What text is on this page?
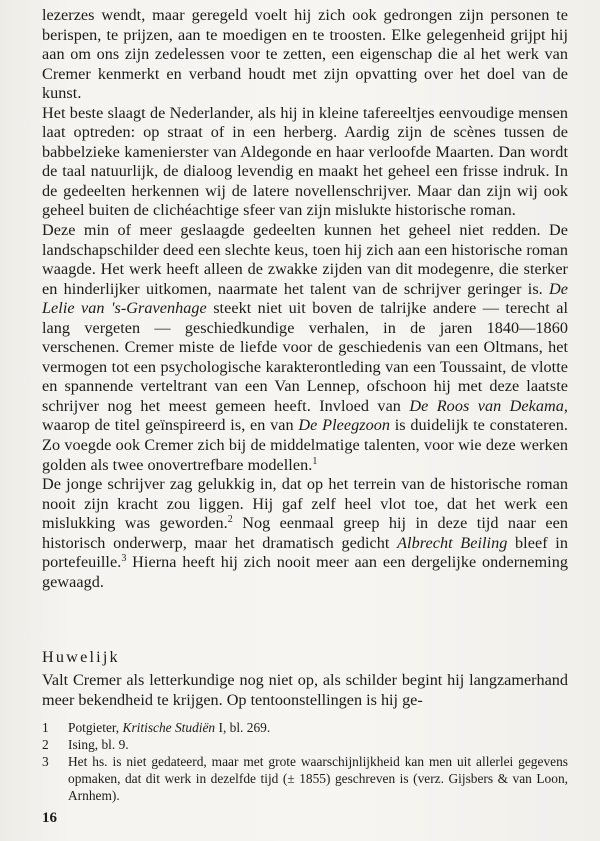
lezerzes wendt, maar geregeld voelt hij zich ook gedrongen zijn personen te berispen, te prijzen, aan te moedigen en te troosten. Elke gelegenheid grijpt hij aan om ons zijn zedelessen voor te zetten, een eigenschap die al het werk van Cremer kenmerkt en verband houdt met zijn opvatting over het doel van de kunst.

Het beste slaagt de Nederlander, als hij in kleine tafereeltjes eenvoudige mensen laat optreden: op straat of in een herberg. Aardig zijn de scènes tussen de babbelzieke kamenierster van Aldegonde en haar verloofde Maarten. Dan wordt de taal natuurlijk, de dialoog levendig en maakt het geheel een frisse indruk. In de gedeelten herkennen wij de latere novellenschrijver. Maar dan zijn wij ook geheel buiten de clichéachtige sfeer van zijn mislukte historische roman.

Deze min of meer geslaagde gedeelten kunnen het geheel niet redden. De landschapschilder deed een slechte keus, toen hij zich aan een historische roman waagde. Het werk heeft alleen de zwakke zijden van dit modegenre, die sterker en hinderlijker uitkomen, naarmate het talent van de schrijver geringer is. De Lelie van 's-Gravenhage steekt niet uit boven de talrijke andere — terecht al lang vergeten — geschiedkundige verhalen, in de jaren 1840—1860 verschenen. Cremer miste de liefde voor de geschiedenis van een Oltmans, het vermogen tot een psychologische karakterontleding van een Toussaint, de vlotte en spannende verteltrant van een Van Lennep, ofschoon hij met deze laatste schrijver nog het meest gemeen heeft. Invloed van De Roos van Dekama, waarop de titel geïnspireerd is, en van De Pleegzoon is duidelijk te constateren. Zo voegde ook Cremer zich bij de middelmatige talenten, voor wie deze werken golden als twee onovertrefbare modellen.$^1$

De jonge schrijver zag gelukkig in, dat op het terrein van de historische roman nooit zijn kracht zou liggen. Hij gaf zelf heel vlot toe, dat het werk een mislukking was geworden.$^2$ Nog eenmaal greep hij in deze tijd naar een historisch onderwerp, maar het dramatisch gedicht Albrecht Beiling bleef in portefeuille.$^3$ Hierna heeft hij zich nooit meer aan een dergelijke onderneming gewaagd.

Huwelijk

Valt Cremer als letterkundige nog niet op, als schilder begint hij langzamerhand meer bekendheid te krijgen. Op tentoonstellingen is hij ge-

1	Potgieter, Kritische Studiën I, bl. 269.
2	Ising, bl. 9.
3	Het hs. is niet gedateerd, maar met grote waarschijnlijkheid kan men uit allerlei gegevens opmaken, dat dit werk in dezelfde tijd (± 1855) geschreven is (verz. Gijsbers & van Loon, Arnhem).
16
